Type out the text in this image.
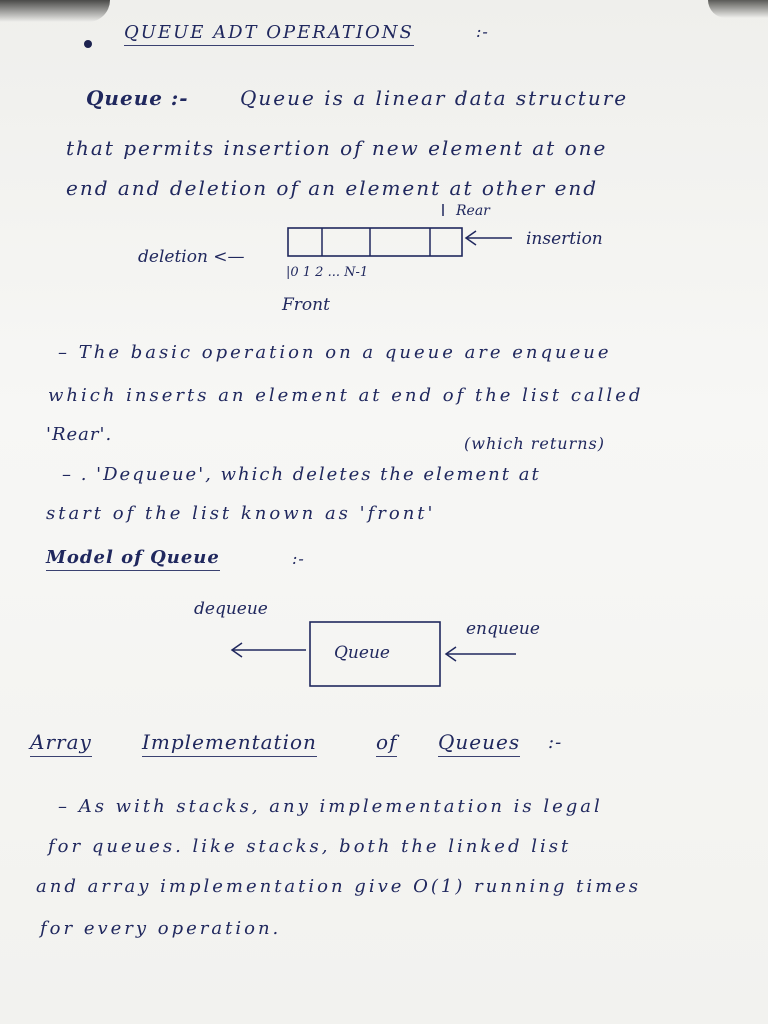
QUEUE ADT OPERATIONS	:-
Queue :-	Queue is a linear data structure
that permits insertion of new element at one
end and deletion of an element at other end
Rear
deletion <—
insertion
|0 1 2 ... N-1
Front
– The basic operation on a queue are enqueue
which inserts an element at end of the list called
'Rear'.	(which returns)
– . 'Dequeue', which deletes the element at
start of the list known as 'front'
Model of Queue	:-
dequeue
enqueue
Queue
Array	Implementation	of Queues :-
– As with stacks, any implementation is legal
for queues. like stacks, both the linked list
and array implementation give O(1) running times
for every operation.
